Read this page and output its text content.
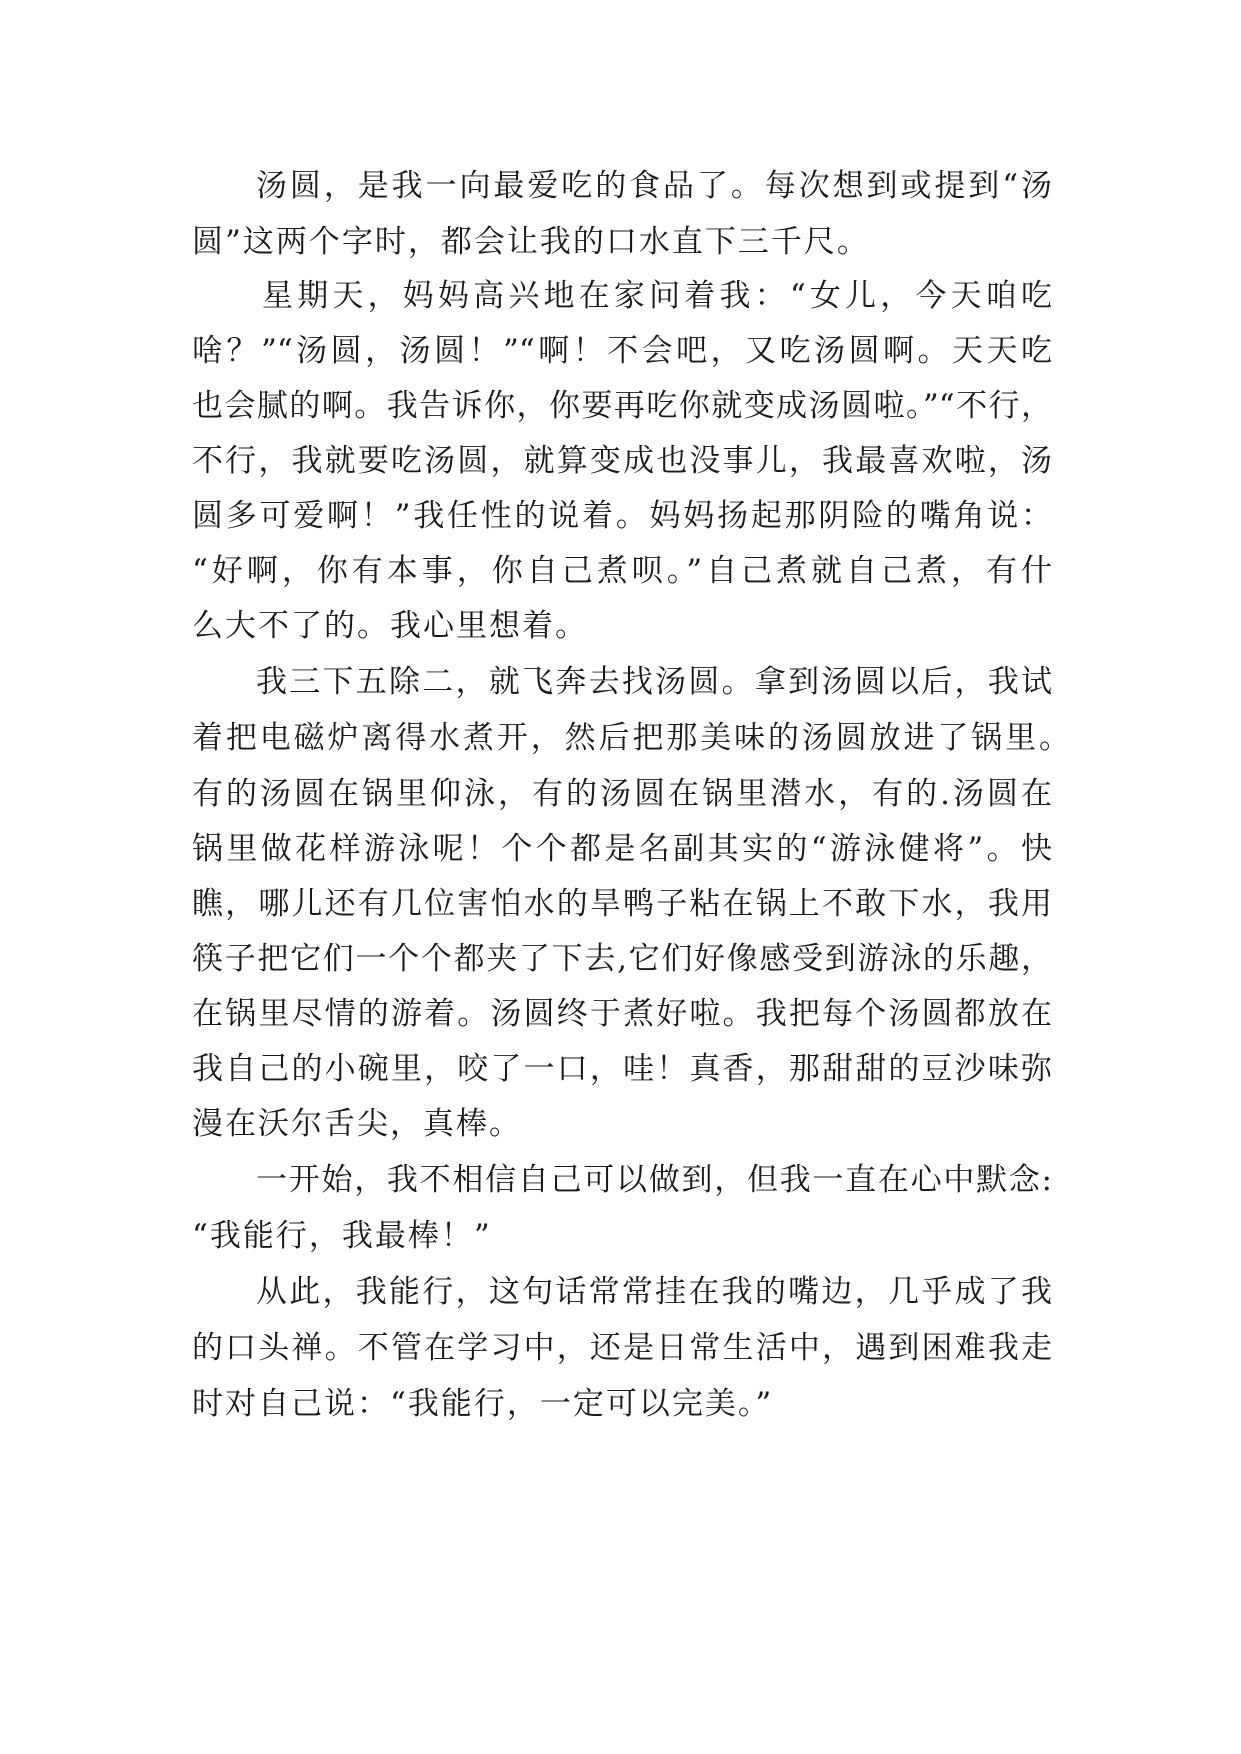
汤圆，是我一向最爱吃的食品了。每次想到或提到“汤
圆”这两个字时，都会让我的口水直下三千尺。
星期天，妈妈高兴地在家问着我：“女儿，今天咱吃
啥？”“汤圆，汤圆！”“啊！不会吧，又吃汤圆啊。天天吃
也会腻的啊。我告诉你，你要再吃你就变成汤圆啦。”“不行，
不行，我就要吃汤圆，就算变成也没事儿，我最喜欢啦，汤
圆多可爱啊！”我任性的说着。妈妈扬起那阴险的嘴角说：
“好啊，你有本事，你自己煮呗。”自己煮就自己煮，有什
么大不了的。我心里想着。
我三下五除二，就飞奔去找汤圆。拿到汤圆以后，我试
着把电磁炉离得水煮开，然后把那美味的汤圆放进了锅里。
有的汤圆在锅里仰泳，有的汤圆在锅里潜水，有的.汤圆在
锅里做花样游泳呢！个个都是名副其实的“游泳健将”。快
瞧，哪儿还有几位害怕水的旱鸭子粘在锅上不敢下水，我用
筷子把它们一个个都夹了下去,它们好像感受到游泳的乐趣，
在锅里尽情的游着。汤圆终于煮好啦。我把每个汤圆都放在
我自己的小碗里，咬了一口，哇！真香，那甜甜的豆沙味弥
漫在沃尔舌尖，真棒。
一开始，我不相信自己可以做到，但我一直在心中默念:
“我能行，我最棒！”
从此，我能行，这句话常常挂在我的嘴边，几乎成了我
的口头禅。不管在学习中，还是日常生活中，遇到困难我走
时对自己说：“我能行，一定可以完美。”
